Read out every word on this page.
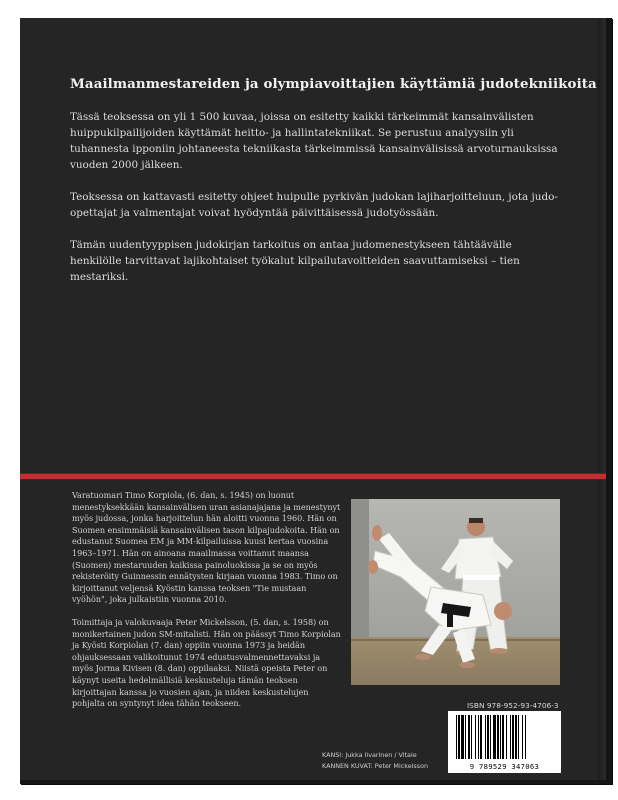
Maailmanmestareiden ja olympiavoittajien käyttämiä judotekniikoita

Tässä teoksessa on yli 1 500 kuvaa, joissa on esitetty kaikki tärkeimmät kansainvälisten huippukilpailijoiden käyttämät heitto- ja hallintatekniikat. Se perustuu analyysiin yli tuhannesta ipponiin johtaneesta tekniikasta tärkeimmissä kansainvälisissä arvoturnauksissa vuoden 2000 jälkeen.

Teoksessa on kattavasti esitetty ohjeet huipulle pyrkivän judokan lajiharjoitteluun, jota judo-opettajat ja valmentajat voivat hyödyntää päivittäisessä judotyössään.

Tämän uudentyyppisen judokirjan tarkoitus on antaa judomenestykseen tähtäävälle henkilölle tarvittavat lajikohtaiset työkalut kilpailutavoitteiden saavuttamiseksi – tien mestariksi.

Varatuomari Timo Korpiola, (6. dan, s. 1945) on luonut menestyksekkään kansainvälisen uran asianajajana ja menestynyt myös judossa, jonka harjoittelun hän aloitti vuonna 1960. Hän on Suomen ensimmäisiä kansainvälisen tason kilpajudokoita. Hän on edustanut Suomea EM ja MM-kilpailuissa kuusi kertaa vuosina 1963–1971. Hän on ainoana maailmassa voittanut maansa (Suomen) mestaruuden kaikissa painoluokissa ja se on myös rekisteröity Guinnessin ennätysten kirjaan vuonna 1983. Timo on kirjoittanut veljensä Kyöstin kanssa teoksen "Tie mustaan vyöhön", joka julkaistiin vuonna 2010.

Toimittaja ja valokuvaaja Peter Mickelsson, (5. dan, s. 1958) on monikertainen judon SM-mitalisti. Hän on päässyt Timo Korpiolan ja Kyösti Korpiolan (7. dan) oppiin vuonna 1973 ja heidän ohjauksessaan valikoitunut 1974 edustusvalmennettavaksi ja myös Jorma Kivisen (8. dan) oppilaaksi. Niistä opeista Peter on käynyt useita hedelmällisiä keskusteluja tämän teoksen kirjoittajan kanssa jo vuosien ajan, ja niiden keskustelujen pohjalta on syntynyt idea tähän teokseen.	ISBN 978-952-93-4706-3
KANSI: Jukka Iivarinen / Vitale
KANNEN KUVAT: Peter Mickelsson	9 789529 347063
